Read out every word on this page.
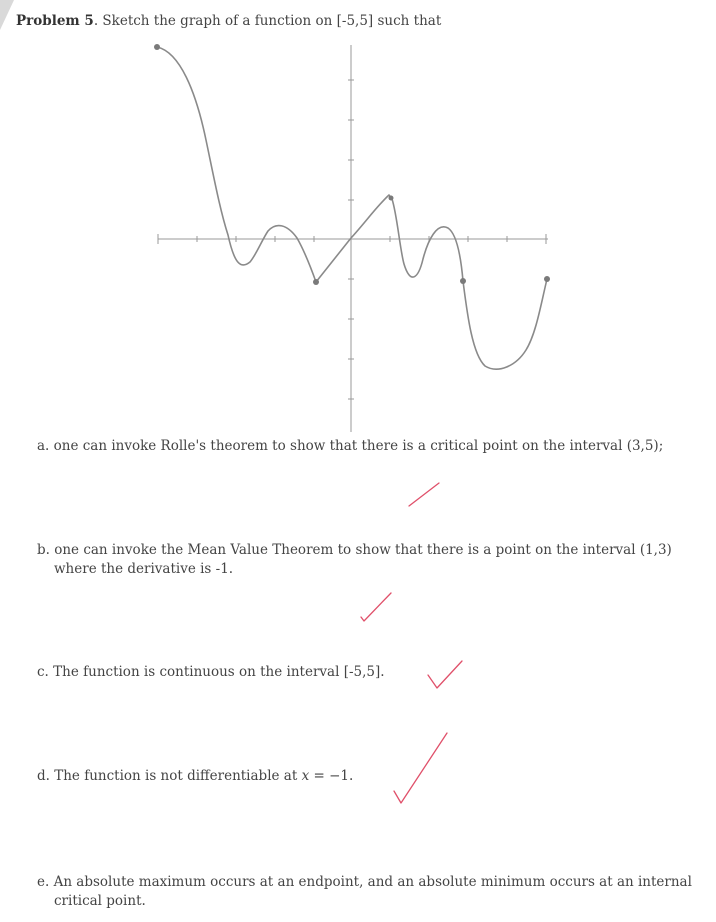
Problem 5. Sketch the graph of a function on [-5,5] such that
a. one can invoke Rolle's theorem to show that there is a critical point on the interval (3,5);
b. one can invoke the Mean Value Theorem to show that there is a point on the interval (1,3)
where the derivative is -1.
c. The function is continuous on the interval [-5,5].
d. The function is not differentiable at x = −1.
e. An absolute maximum occurs at an endpoint, and an absolute minimum occurs at an internal
critical point.
